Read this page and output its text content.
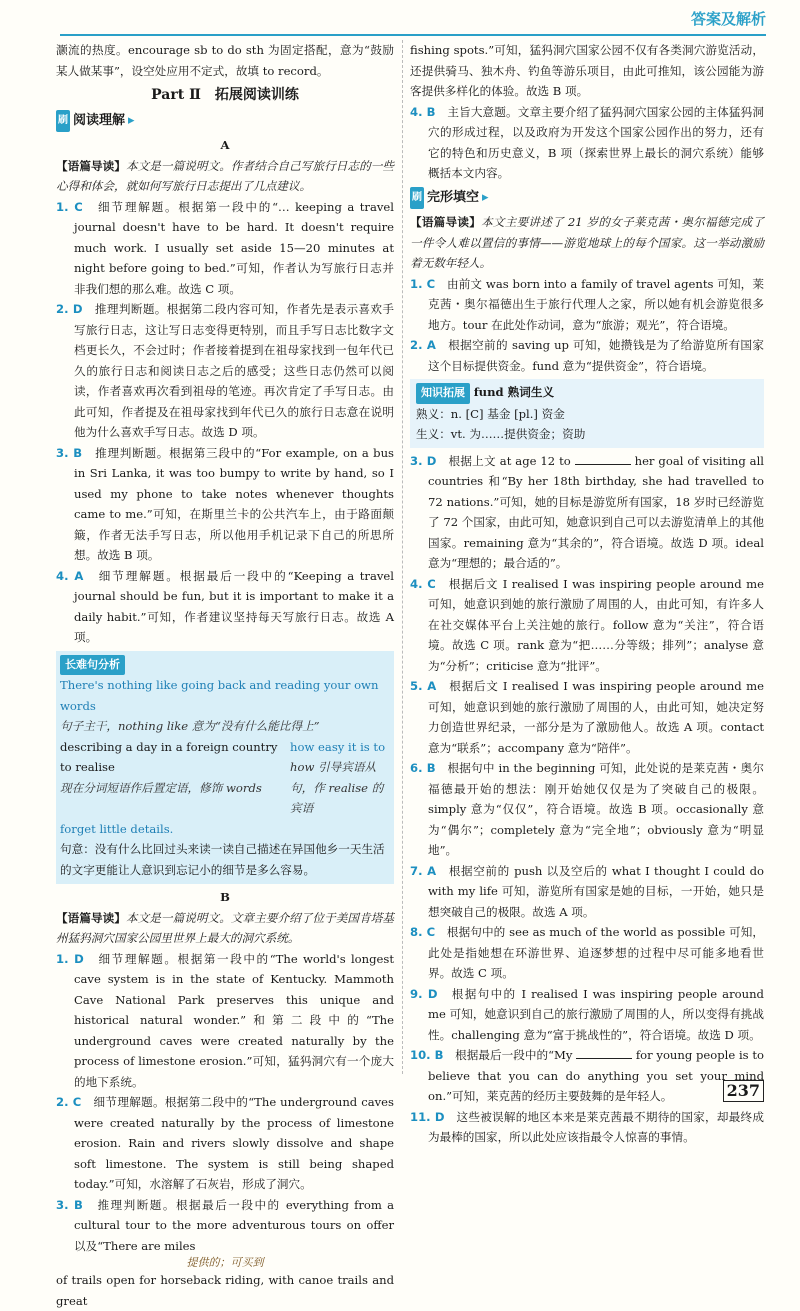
答案及解析

灏流的热度。encourage sb to do sth 为固定搭配，意为“鼓励某人做某事”，设空处应用不定式，故填 to record。

Part Ⅱ　拓展阅读训练
刷 阅读理解 ▸
A

【语篇导读】本文是一篇说明文。作者结合自己写旅行日志的一些心得和体会，就如何写旅行日志提出了几点建议。

1. C　 细节理解题。根据第一段中的“… keeping a travel journal doesn't have to be hard. It doesn't require much work. I usually set aside 15—20 minutes at night before going to bed.”可知，作者认为写旅行日志并非我们想的那么难。故选 C 项。

2. D　 推理判断题。根据第二段内容可知，作者先是表示喜欢手写旅行日志，这让写日志变得更特别，而且手写日志比数字文档更长久，不会过时；作者接着提到在祖母家找到一包年代已久的旅行日志和阅读日志之后的感受；这些日志仍然可以阅读，作者喜欢再次看到祖母的笔迹。再次肯定了手写日志。由此可知，作者提及在祖母家找到年代已久的旅行日志意在说明他为什么喜欢手写日志。故选 D 项。

3. B　 推理判断题。根据第三段中的“For example, on a bus in Sri Lanka, it was too bumpy to write by hand, so I used my phone to take notes whenever thoughts came to me.”可知，在斯里兰卡的公共汽车上，由于路面颠簸，作者无法手写日志，所以他用手机记录下自己的所思所想。故选 B 项。

4. A　 细节理解题。根据最后一段中的“Keeping a travel journal should be fun, but it is important to make it a daily habit.”可知，作者建议坚持每天写旅行日志。故选 A 项。

长难句分析
There's nothing like going back and reading your own words
句子主干，nothing like 意为“没有什么能比得上”
describing a day in a foreign country to realise
现在分词短语作后置定语，修饰 words
how easy it is to
how 引导宾语从
句，作 realise 的宾语
forget little details.
句意：没有什么比回过头来读一读自己描述在异国他乡一天生活的文字更能让人意识到忘记小的细节是多么容易。
B

【语篇导读】本文是一篇说明文。文章主要介绍了位于美国肯塔基州猛犸洞穴国家公园里世界上最大的洞穴系统。

1. D　 细节理解题。根据第一段中的“The world's longest cave system is in the state of Kentucky. Mammoth Cave National Park preserves this unique and historical natural wonder.”和第二段中的“The underground caves were created naturally by the process of limestone erosion.”可知，猛犸洞穴有一个庞大的地下系统。

2. C　 细节理解题。根据第二段中的“The underground caves were created naturally by the process of limestone erosion. Rain and rivers slowly dissolve and shape soft limestone. The system is still being shaped today.”可知，水溶解了石灰岩，形成了洞穴。

3. B　 推理判断题。根据最后一段中的 everything from a cultural tour to the more adventurous tours on offer 以及“There are miles

提供的；可买到

of trails open for horseback riding, with canoe trails and great

fishing spots.”可知，猛犸洞穴国家公园不仅有各类洞穴游览活动，还提供骑马、独木舟、钓鱼等游乐项目，由此可推知，该公园能为游客提供多样化的体验。故选 B 项。

4. B　 主旨大意题。文章主要介绍了猛犸洞穴国家公园的主体猛犸洞穴的形成过程，以及政府为开发这个国家公园作出的努力，还有它的特色和历史意义，B 项（探索世界上最长的洞穴系统）能够概括本文内容。

刷 完形填空 ▸

【语篇导读】本文主要讲述了 21 岁的女子莱克茜・奥尔福德完成了一件令人难以置信的事情——游览地球上的每个国家。这一举动激励着无数年轻人。

1. C　 由前文 was born into a family of travel agents 可知，莱克茜・奥尔福德出生于旅行代理人之家，所以她有机会游览很多地方。tour 在此处作动词，意为“旅游；观光”，符合语境。

2. A　 根据空前的 saving up 可知，她攒钱是为了给游览所有国家这个目标提供资金。fund 意为“提供资金”，符合语境。

知识拓展 fund 熟词生义
熟义：n. [C] 基金 [pl.] 资金
生义：vt. 为……提供资金；资助

3. D　 根据上文 at age 12 to	her goal of visiting all countries 和“By her 18th birthday, she had travelled to 72 nations.”可知，她的目标是游览所有国家，18 岁时已经游览了 72 个国家，由此可知，她意识到自己可以去游览清单上的其他国家。remaining 意为“其余的”，符合语境。故选 D 项。ideal 意为“理想的；最合适的”。

4. C　 根据后文 I realised I was inspiring people around me 可知，她意识到她的旅行激励了周围的人，由此可知，有许多人在社交媒体平台上关注她的旅行。follow 意为“关注”，符合语境。故选 C 项。rank 意为“把……分等级；排列”；analyse 意为“分析”；criticise 意为“批评”。

5. A　 根据后文 I realised I was inspiring people around me 可知，她意识到她的旅行激励了周围的人，由此可知，她决定努力创造世界纪录，一部分是为了激励他人。故选 A 项。contact 意为“联系”；accompany 意为“陪伴”。

6. B　 根据句中 in the beginning 可知，此处说的是莱克茜・奥尔福德最开始的想法：刚开始她仅仅是为了突破自己的极限。simply 意为“仅仅”，符合语境。故选 B 项。occasionally 意为“偶尔”；completely 意为“完全地”；obviously 意为“明显地”。

7. A　 根据空前的 push 以及空后的 what I thought I could do with my life 可知，游览所有国家是她的目标，一开始，她只是想突破自己的极限。故选 A 项。

8. C　 根据句中的 see as much of the world as possible 可知，此处是指她想在环游世界、追逐梦想的过程中尽可能多地看世界。故选 C 项。

9. D　 根据句中的 I realised I was inspiring people around me 可知，她意识到自己的旅行激励了周围的人，所以变得有挑战性。challenging 意为“富于挑战性的”，符合语境。故选 D 项。

10. B　 根据最后一段中的“My	for young people is to believe that you can do anything you set your mind on.”可知，莱克茜的经历主要鼓舞的是年轻人。

11. D　 这些被误解的地区本来是莱克茜最不期待的国家，却最终成为最棒的国家，所以此处应该指最令人惊喜的事情。

237
